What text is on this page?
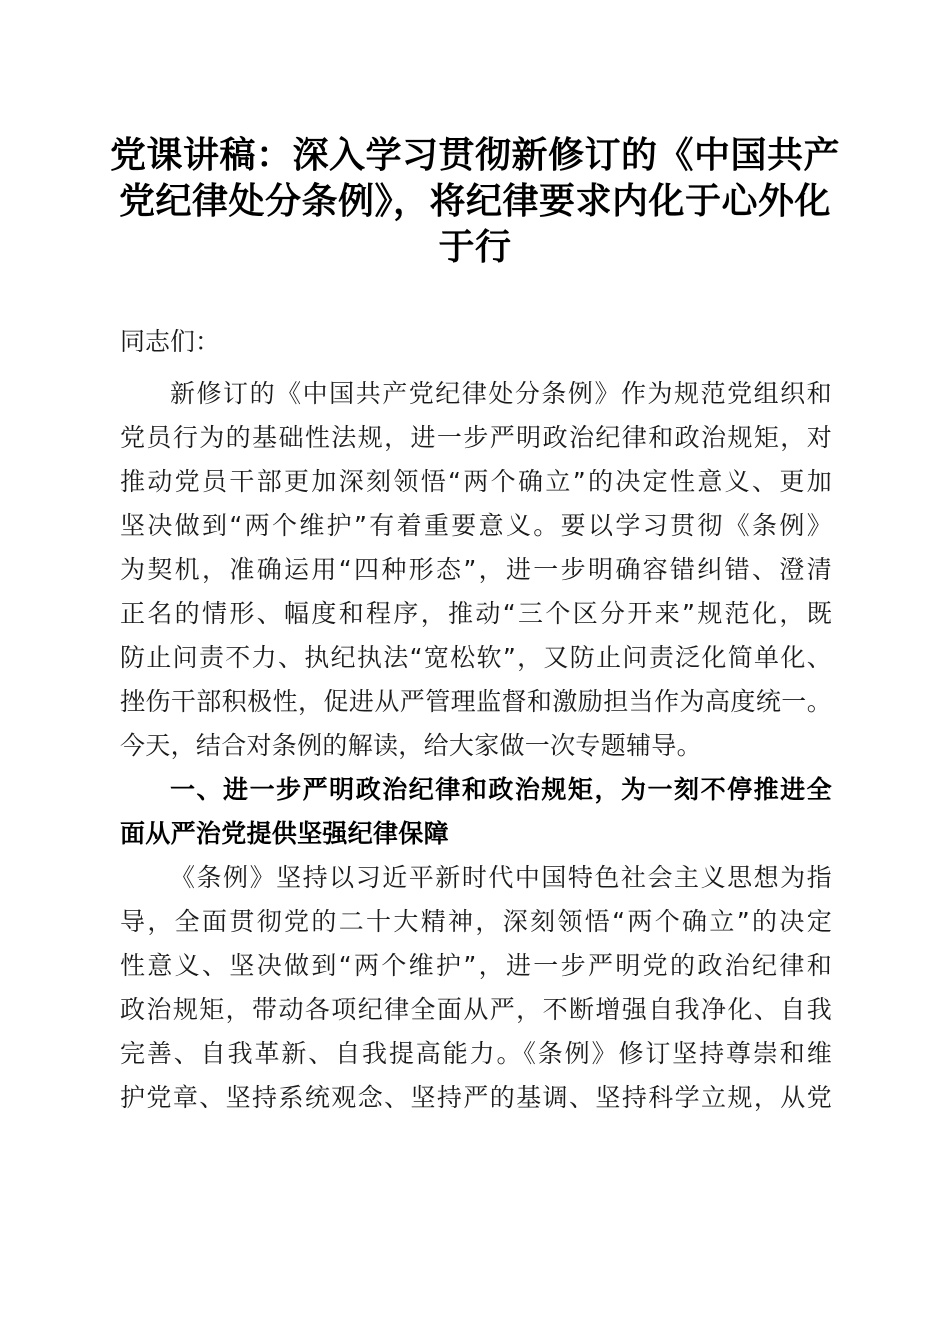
党课讲稿：深入学习贯彻新修订的《中国共产
党纪律处分条例》，将纪律要求内化于心外化
于行
同志们：
新修订的《中国共产党纪律处分条例》作为规范党组织和
党员行为的基础性法规，进一步严明政治纪律和政治规矩，对
推动党员干部更加深刻领悟“两个确立”的决定性意义、更加
坚决做到“两个维护”有着重要意义。要以学习贯彻《条例》
为契机，准确运用“四种形态”，进一步明确容错纠错、澄清
正名的情形、幅度和程序，推动“三个区分开来”规范化，既
防止问责不力、执纪执法“宽松软”，又防止问责泛化简单化、
挫伤干部积极性，促进从严管理监督和激励担当作为高度统一。
今天，结合对条例的解读，给大家做一次专题辅导。
一、进一步严明政治纪律和政治规矩，为一刻不停推进全
面从严治党提供坚强纪律保障
《条例》坚持以习近平新时代中国特色社会主义思想为指
导，全面贯彻党的二十大精神，深刻领悟“两个确立”的决定
性意义、坚决做到“两个维护”，进一步严明党的政治纪律和
政治规矩，带动各项纪律全面从严，不断增强自我净化、自我
完善、自我革新、自我提高能力。《条例》修订坚持尊崇和维
护党章、坚持系统观念、坚持严的基调、坚持科学立规，从党
